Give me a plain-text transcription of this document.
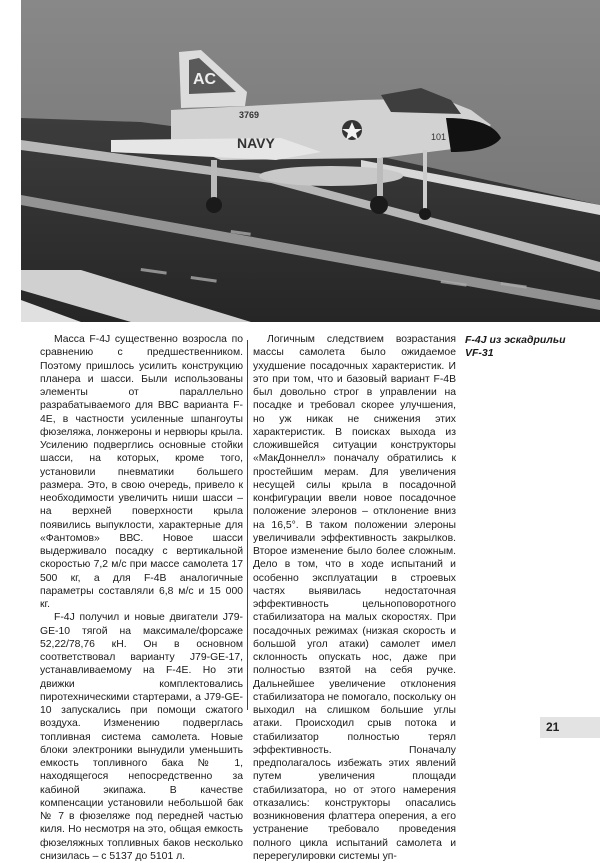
AC
NAVY
3769
101

Масса F-4J существенно возросла по сравнению с предшественником. Поэтому пришлось усилить конструкцию планера и шасси. Были использованы элементы от параллельно разрабатываемого для ВВС варианта F-4E, в частности усиленные шпангоуты фюзеляжа, лонжероны и нервюры крыла. Усилению подверглись основные стойки шасси, на которых, кроме того, установили пневматики большего размера. Это, в свою очередь, привело к необходимости увеличить ниши шасси – на верхней поверхности крыла появились выпуклости, характерные для «Фантомов» ВВС. Новое шасси выдерживало посадку с вертикальной скоростью 7,2 м/с при массе самолета 17 500 кг, а для F-4B аналогичные параметры составляли 6,8 м/с и 15 000 кг.

F-4J получил и новые двигатели J79-GE-10 тягой на максимале/форсаже 52,22/78,76 кН. Он в основном соответствовал варианту J79-GE-17, устанавливаемому на F-4E. Но эти движки комплектовались пиротехническими стартерами, а J79-GE-10 запускались при помощи сжатого воздуха. Изменению подверглась топливная система самолета. Новые блоки электроники вынудили уменьшить емкость топливного бака № 1, находящегося непосредственно за кабиной экипажа. В качестве компенсации установили небольшой бак № 7 в фюзеляже под передней частью киля. Но несмотря на это, общая емкость фюзеляжных топливных баков несколько снизилась – с 5137 до 5101 л.

Логичным следствием возрастания массы самолета было ожидаемое ухудшение посадочных характеристик. И это при том, что и базовый вариант F-4B был довольно строг в управлении на посадке и требовал скорее улучшения, но уж никак не снижения этих характеристик. В поисках выхода из сложившейся ситуации конструкторы «МакДоннелл» поначалу обратились к простейшим мерам. Для увеличения несущей силы крыла в посадочной конфигурации ввели новое посадочное положение элеронов – отклонение вниз на 16,5°. В таком положении элероны увеличивали эффективность закрылков. Второе изменение было более сложным. Дело в том, что в ходе испытаний и особенно эксплуатации в строевых частях выявилась недостаточная эффективность цельноповоротного стабилизатора на малых скоростях. При посадочных режимах (низкая скорость и большой угол атаки) самолет имел склонность опускать нос, даже при полностью взятой на себя ручке. Дальнейшее увеличение отклонения стабилизатора не помогало, поскольку он выходил на слишком большие углы атаки. Происходил срыв потока и стабилизатор полностью терял эффективность. Поначалу предполагалось избежать этих явлений путем увеличения площади стабилизатора, но от этого намерения отказались: конструкторы опасались возникновения флаттера оперения, а его устранение требовало проведения полного цикла испытаний самолета и перерегулировки системы уп-

F-4J из эскадрильи
VF-31
21
